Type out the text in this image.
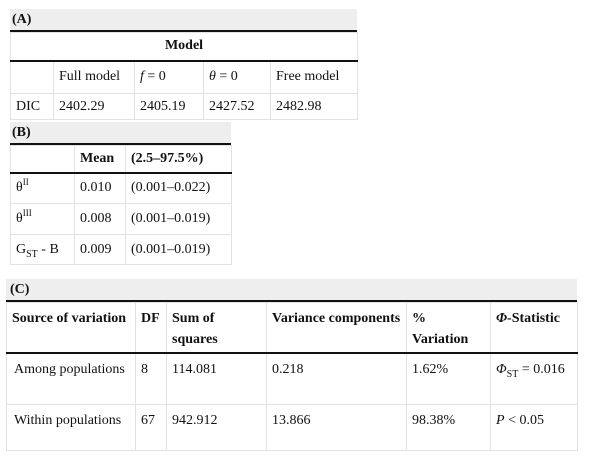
(A)
Model				
	Full model	f = 0	θ = 0	Free model
DIC	2402.29	2405.19	2427.52	2482.98
(B)
	Mean	(2.5–97.5%)
$\theta^{II}$	0.010	(0.001–0.022)
$\theta^{III}$	0.008	(0.001–0.019)
$G_{ST}$ - B	0.009	(0.001–0.019)
(C)
Source of variation	DF	Sum of squares	Variance components	% Variation	Φ-Statistic
Among populations	8	114.081	0.218	1.62%	$\Phi_{ST} = 0.016$
Within populations	67	942.912	13.866	98.38%	P < 0.05
